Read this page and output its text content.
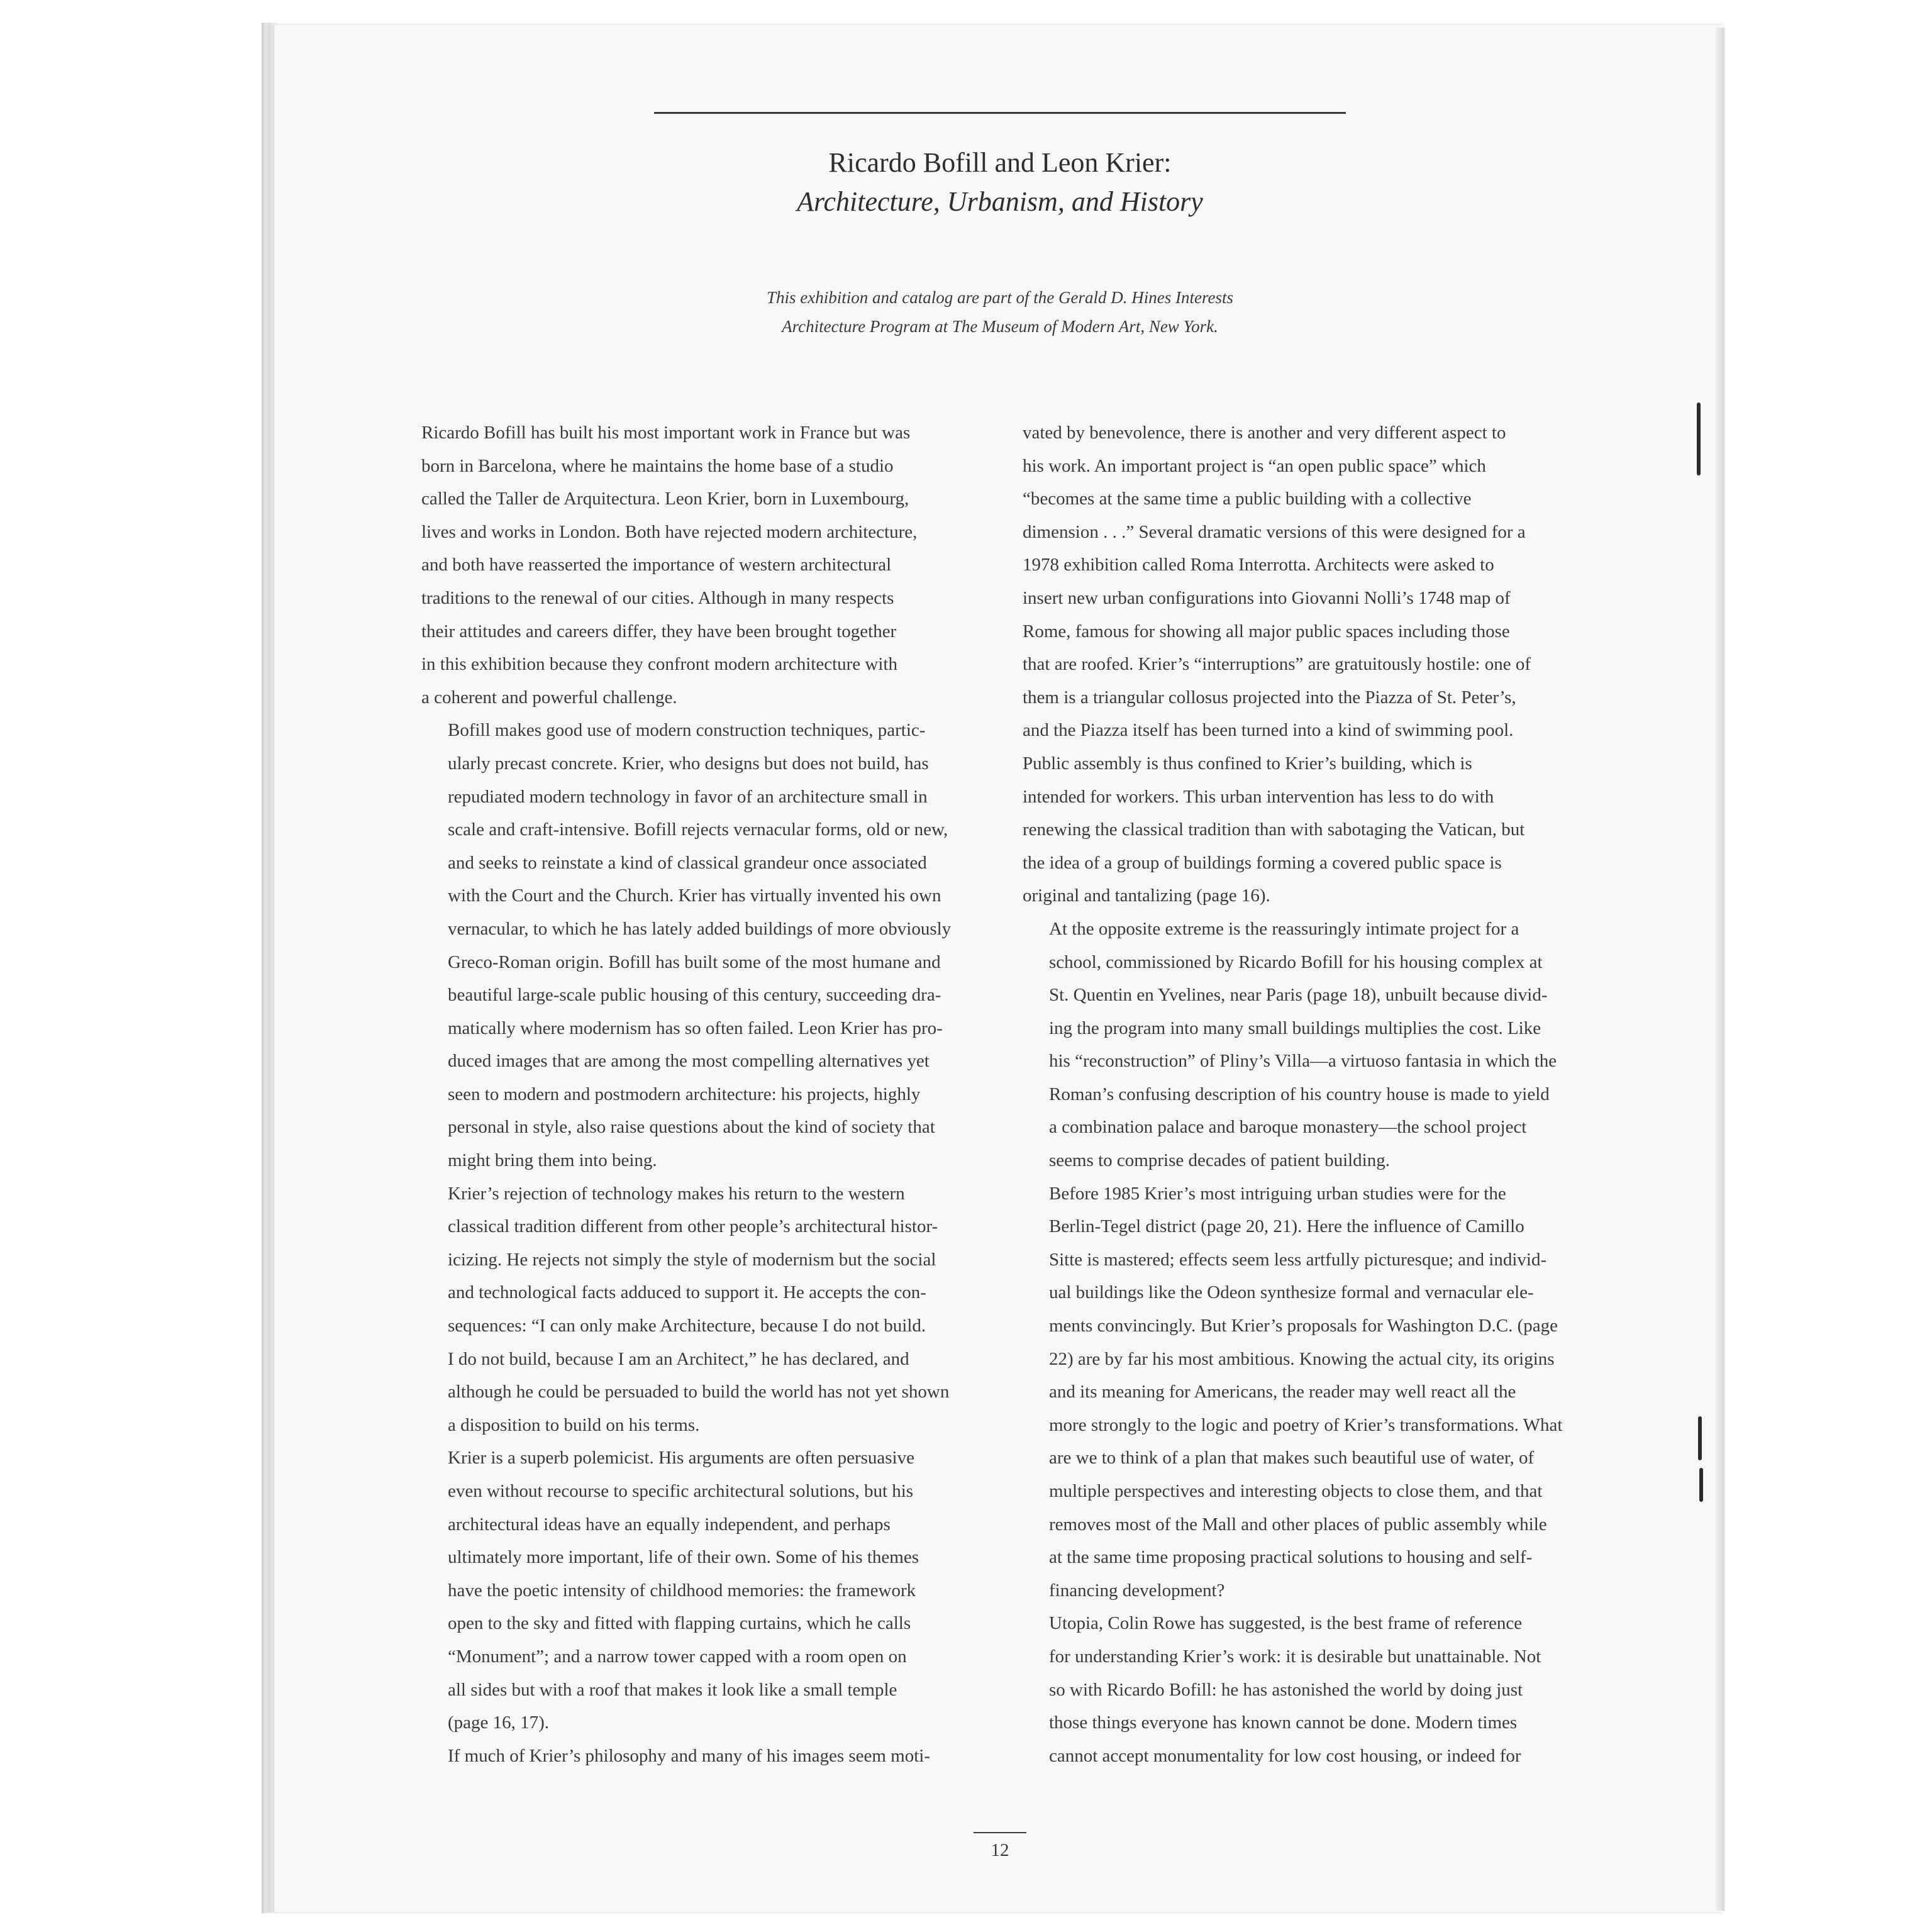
Ricardo Bofill and Leon Krier:
Architecture, Urbanism, and History
This exhibition and catalog are part of the Gerald D. Hines Interests
Architecture Program at The Museum of Modern Art, New York.

Ricardo Bofill has built his most important work in France but was
born in Barcelona, where he maintains the home base of a studio
called the Taller de Arquitectura. Leon Krier, born in Luxembourg,
lives and works in London. Both have rejected modern architecture,
and both have reasserted the importance of western architectural
traditions to the renewal of our cities. Although in many respects
their attitudes and careers differ, they have been brought together
in this exhibition because they confront modern architecture with
a coherent and powerful challenge.

Bofill makes good use of modern construction techniques, partic-
ularly precast concrete. Krier, who designs but does not build, has
repudiated modern technology in favor of an architecture small in
scale and craft-intensive. Bofill rejects vernacular forms, old or new,
and seeks to reinstate a kind of classical grandeur once associated
with the Court and the Church. Krier has virtually invented his own
vernacular, to which he has lately added buildings of more obviously
Greco-Roman origin. Bofill has built some of the most humane and
beautiful large-scale public housing of this century, succeeding dra-
matically where modernism has so often failed. Leon Krier has pro-
duced images that are among the most compelling alternatives yet
seen to modern and postmodern architecture: his projects, highly
personal in style, also raise questions about the kind of society that
might bring them into being.

Krier’s rejection of technology makes his return to the western
classical tradition different from other people’s architectural histor-
icizing. He rejects not simply the style of modernism but the social
and technological facts adduced to support it. He accepts the con-
sequences: “I can only make Architecture, because I do not build.
I do not build, because I am an Architect,” he has declared, and
although he could be persuaded to build the world has not yet shown
a disposition to build on his terms.

Krier is a superb polemicist. His arguments are often persuasive
even without recourse to specific architectural solutions, but his
architectural ideas have an equally independent, and perhaps
ultimately more important, life of their own. Some of his themes
have the poetic intensity of childhood memories: the framework
open to the sky and fitted with flapping curtains, which he calls
“Monument”; and a narrow tower capped with a room open on
all sides but with a roof that makes it look like a small temple
(page 16, 17).

If much of Krier’s philosophy and many of his images seem moti-

vated by benevolence, there is another and very different aspect to
his work. An important project is “an open public space” which
“becomes at the same time a public building with a collective
dimension . . .” Several dramatic versions of this were designed for a
1978 exhibition called Roma Interrotta. Architects were asked to
insert new urban configurations into Giovanni Nolli’s 1748 map of
Rome, famous for showing all major public spaces including those
that are roofed. Krier’s “interruptions” are gratuitously hostile: one of
them is a triangular collosus projected into the Piazza of St. Peter’s,
and the Piazza itself has been turned into a kind of swimming pool.
Public assembly is thus confined to Krier’s building, which is
intended for workers. This urban intervention has less to do with
renewing the classical tradition than with sabotaging the Vatican, but
the idea of a group of buildings forming a covered public space is
original and tantalizing (page 16).

At the opposite extreme is the reassuringly intimate project for a
school, commissioned by Ricardo Bofill for his housing complex at
St. Quentin en Yvelines, near Paris (page 18), unbuilt because divid-
ing the program into many small buildings multiplies the cost. Like
his “reconstruction” of Pliny’s Villa—a virtuoso fantasia in which the
Roman’s confusing description of his country house is made to yield
a combination palace and baroque monastery—the school project
seems to comprise decades of patient building.

Before 1985 Krier’s most intriguing urban studies were for the
Berlin-Tegel district (page 20, 21). Here the influence of Camillo
Sitte is mastered; effects seem less artfully picturesque; and individ-
ual buildings like the Odeon synthesize formal and vernacular ele-
ments convincingly. But Krier’s proposals for Washington D.C. (page
22) are by far his most ambitious. Knowing the actual city, its origins
and its meaning for Americans, the reader may well react all the
more strongly to the logic and poetry of Krier’s transformations. What
are we to think of a plan that makes such beautiful use of water, of
multiple perspectives and interesting objects to close them, and that
removes most of the Mall and other places of public assembly while
at the same time proposing practical solutions to housing and self-
financing development?

Utopia, Colin Rowe has suggested, is the best frame of reference
for understanding Krier’s work: it is desirable but unattainable. Not
so with Ricardo Bofill: he has astonished the world by doing just
those things everyone has known cannot be done. Modern times
cannot accept monumentality for low cost housing, or indeed for

12
